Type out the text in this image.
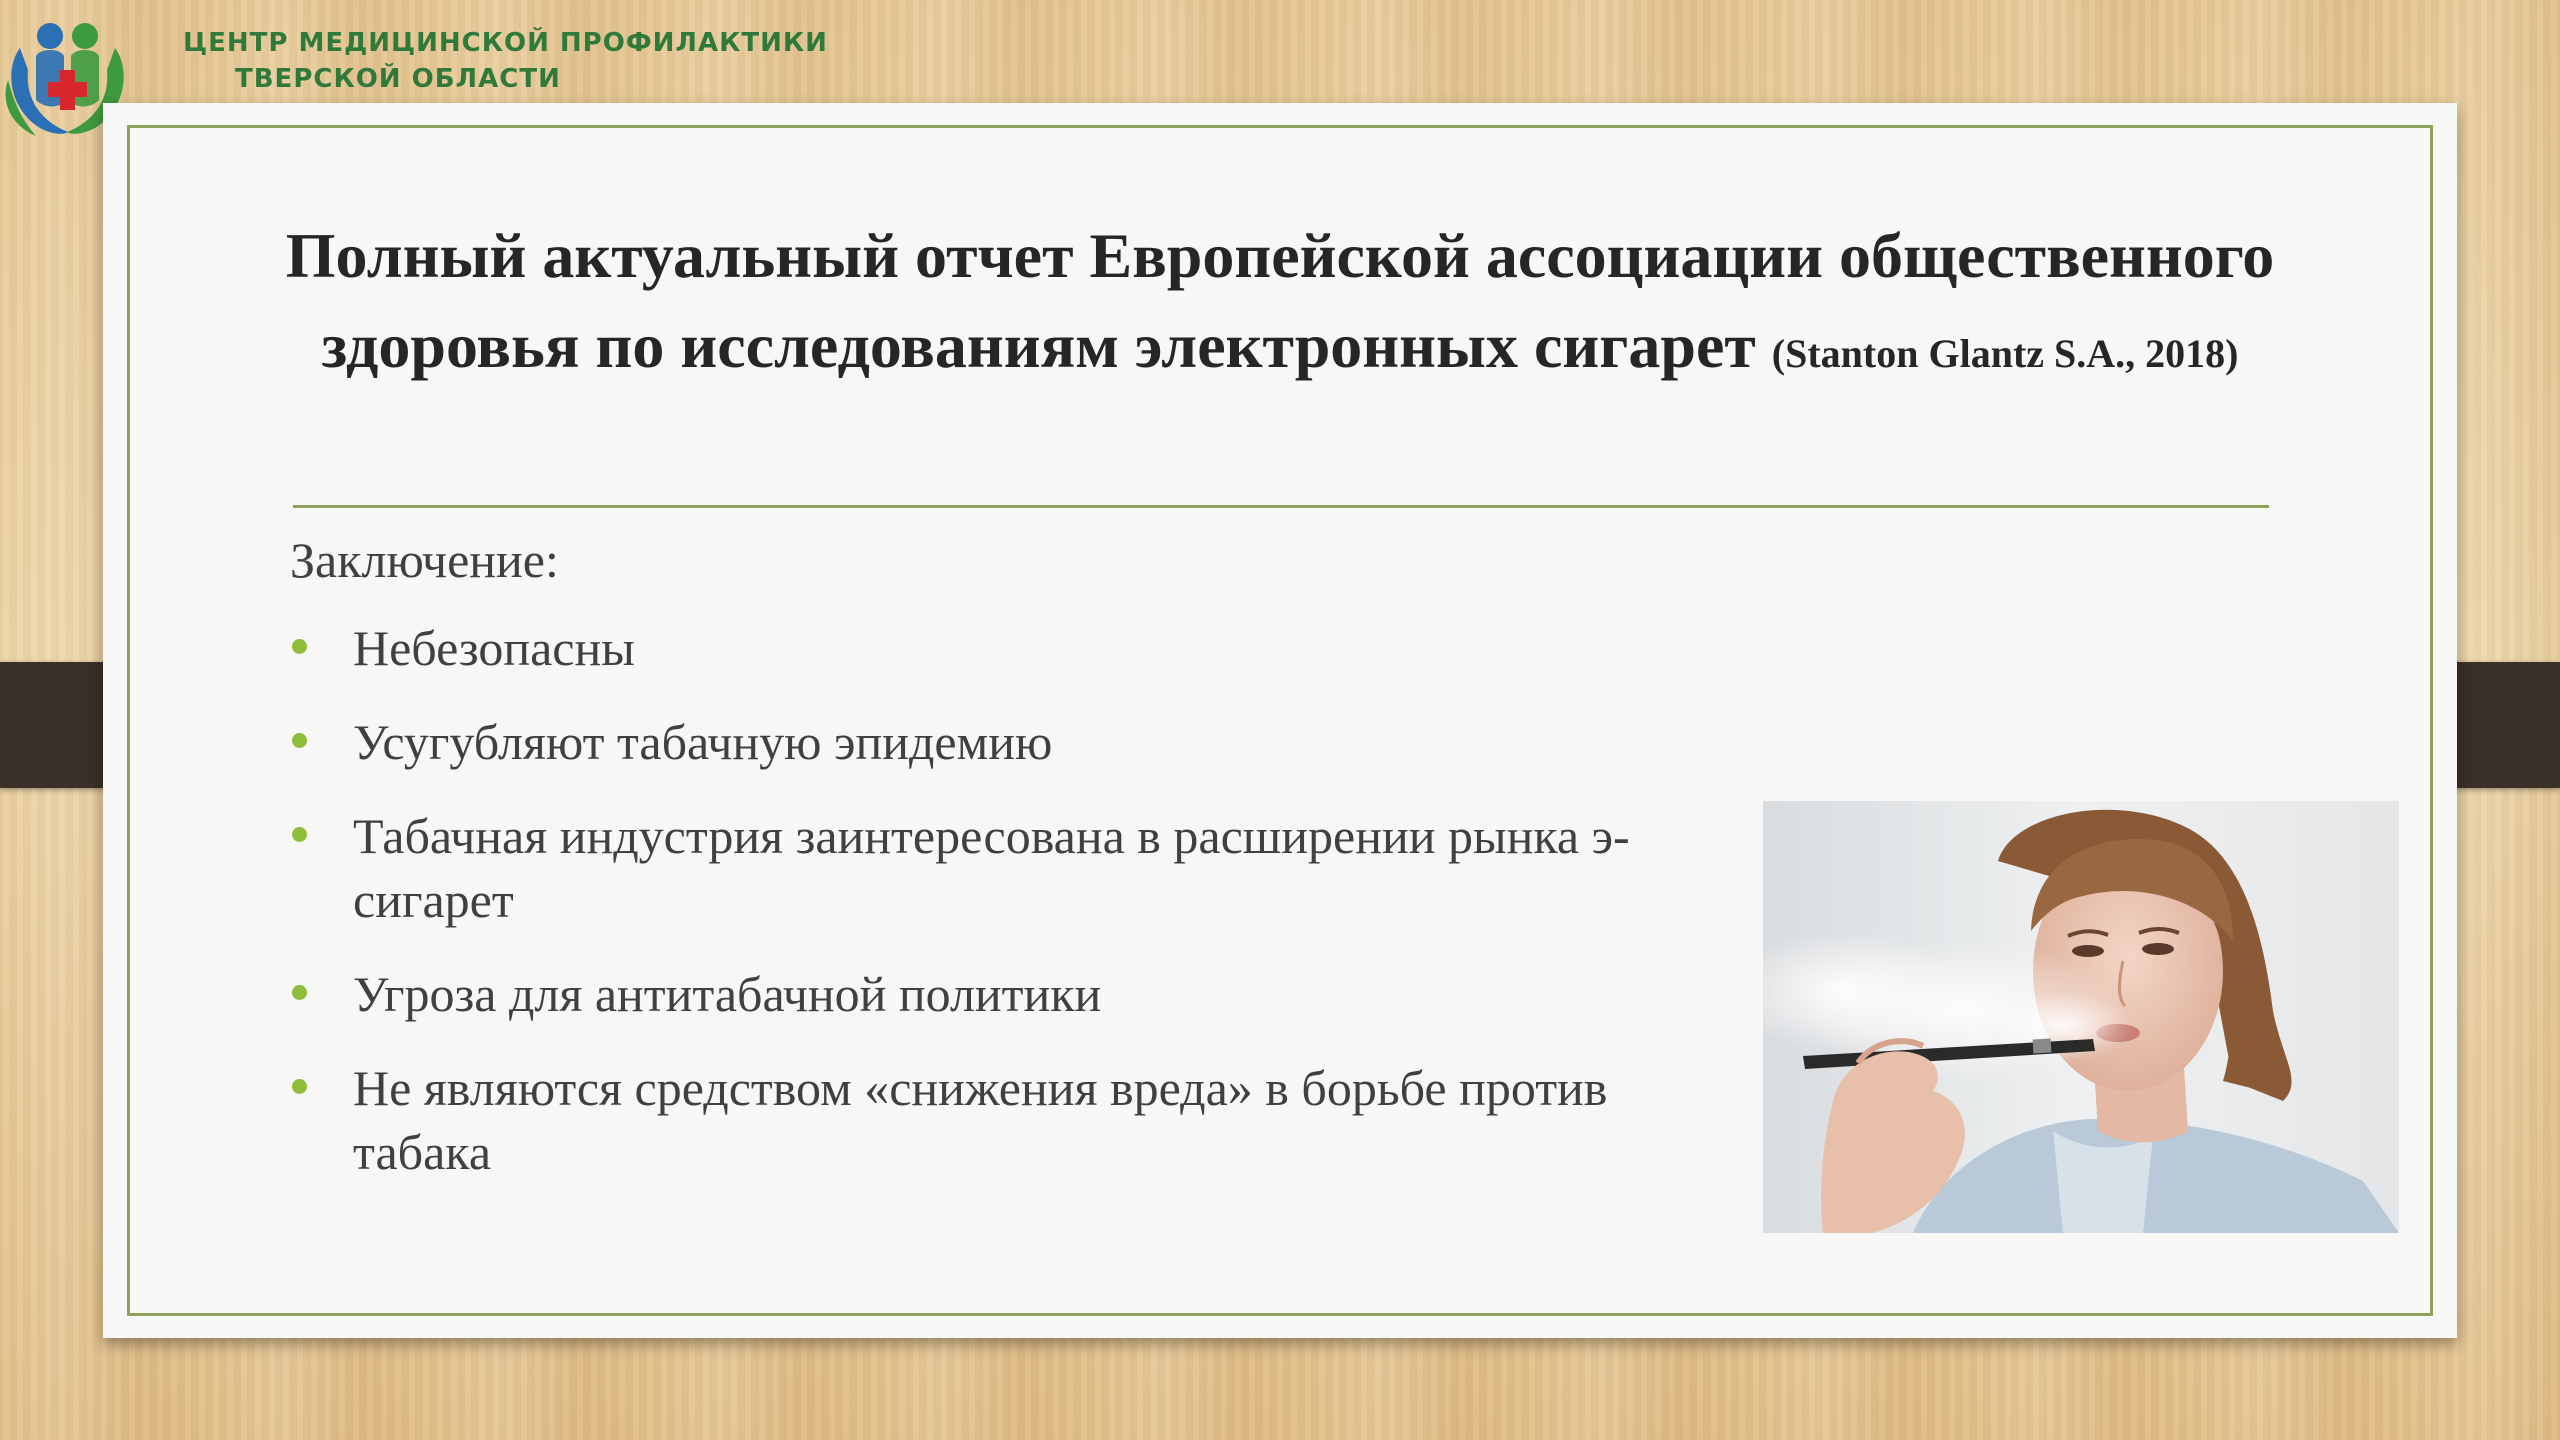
ЦЕНТР МЕДИЦИНСКОЙ ПРОФИЛАКТИКИ
ТВЕРСКОЙ ОБЛАСТИ
Полный актуальный отчет Европейской ассоциации общественного здоровья по исследованиям электронных сигарет (Stanton Glantz S.A., 2018)
Заключение:
Небезопасны
Усугубляют табачную эпидемию
Табачная индустрия заинтересована в расширении рынка э-сигарет
Угроза для антитабачной политики
Не являются средством «снижения вреда» в борьбе против табака
